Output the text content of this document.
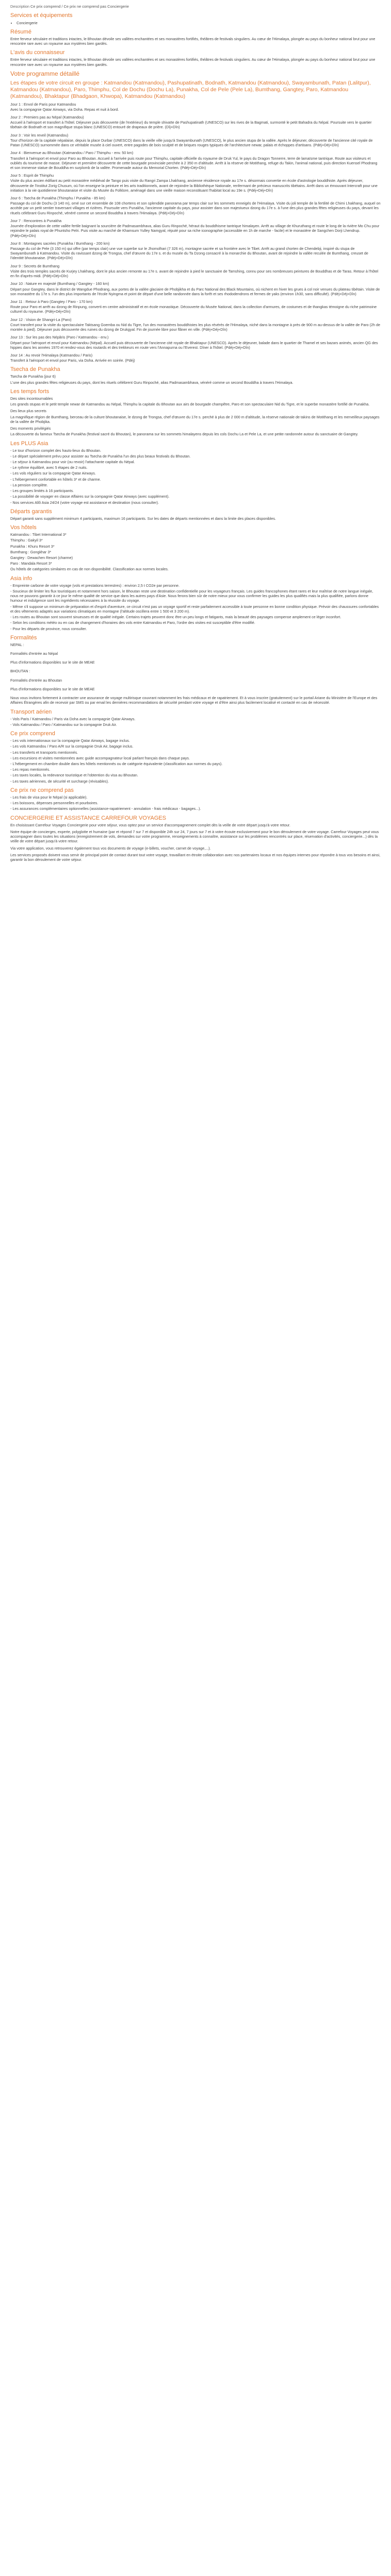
Description Ce prix comprend / Ce prix ne comprend pas Conciergerie

Services et équipements
• Conciergerie
Résumé

Entre ferveur séculaire et traditions intactes, le Bhoutan dévoile ses vallées enchantées et ses monastères fortifiés, théâtres de festivals singuliers. Au cœur de l'Himalaya, plongée au pays du bonheur national brut pour une rencontre rare avec un royaume aux mystères bien gardés.

L'avis du connaisseur

Entre ferveur séculaire et traditions intactes, le Bhoutan dévoile ses vallées enchantées et ses monastères fortifiés, théâtres de festivals singuliers. Au cœur de l'Himalaya, plongée au pays du bonheur national brut pour une rencontre rare avec un royaume aux mystères bien gardés.

Votre programme détaillé
Les étapes de votre circuit en groupe : Katmandou (Katmandou), Pashupatinath, Bodnath, Katmandou (Katmandou), Swayambunath, Patan (Lalitpur), Katmandou (Katmandou), Paro, Thimphu, Col de Dochu (Dochu La), Punakha, Col de Pele (Pele La), Bumthang, Gangtey, Paro, Katmandou (Katmandou), Bhaktapur (Bhadgaon, Khwopa), Katmandou (Katmandou)

Jour 1 : Envol de Paris pour Katmandou

Avec la compagnie Qatar Airways, via Doha. Repas et nuit à bord.

Jour 2 : Premiers pas au Népal (Katmandou)

Accueil à l'aéroport et transfert à l'hôtel. Déjeuner puis découverte (de l'extérieur) du temple shivaïte de Pashupatinath (UNESCO) sur les rives de la Bagmati, surmonté le petit Bahadra du Népal. Poursuite vers le quartier tibétain de Bodnath et son magnifique stupa blanc (UNESCO) entouré de drapeaux de prière. (Dîj+Dîn)

Jour 3 : Voir les reveil (Katmandou)

Tour d'horizon de la capitale népalaise, depuis la place Durbar (UNESCO) dans la vieille ville jusqu'à Swayambunath (UNESCO), le plus ancien stupa de la vallée. Après le déjeuner, découverte de l'ancienne cité royale de Patan (UNESCO) surnommée dans ce véritable musée à ciel ouvert, entre pagodes de bois sculpté et de briques rouges typiques de l'architecture newar, palais et échoppes d'artisans. (Pdéj+Déj+Dîn)

Jour 4 : Bienvenue au Bhoutan (Katmandou / Paro / Thimphu - env. 50 km)

Transfert à l'aéroport et envol pour Paro au Bhoutan. Accueil à l'arrivée puis route pour Thimphu, capitale officielle du royaume de Druk Yul, le pays du Dragon Tonnerre, terre de lamaïsme tantrique. Route aux visiteurs et oubliés du tourisme de masse. Déjeuner et première découverte de cette bourgade provinciale perchée à 2 350 m d'altitude. Arrêt à la réserve de Motithang, refuge du Takin, l'animal national, puis direction Kuensel Phodrang et son immense statue de Bouddha en surplomb de la vallée. Promenade autour du Memorial Chorten. (Pdéj+Déj+Dîn)

Jour 5 : Esprit de Thimphu

Visite du plus ancien édifiant au petit monastère médiéval de Tango puis visite du Rangri Zampa Lhakhang, ancienne résidence royale au 17e s. désormais convertie en école d'astrologie bouddhiste. Après déjeuner, découverte de l'Institut Zorig Chusum, où l'on enseigne la peinture et les arts traditionnels, avant de rejoindre la Bibliothèque Nationale, renfermant de précieux manuscrits tibétains. Arrêt dans un émouvant Intercraft pour une initiation à la vie quotidienne bhoutanaise et visite du Musée du Folklore, aménagé dans une vieille maison reconstituant l'habitat local au 19e s. (Pdéj+Déj+Dîn)

Jour 6 : Tsecha de Punakha (Thimphu / Punakha - 85 km)

Passage du col de Dochu (3 140 m), orné sur cet ensemble de 108 chortens et son splendide panorama par temps clair sur les sommets enneigés de l'Himalaya. Visite du joli temple de la fertilité de Chimi Lhakhang, auquel on accède par un petit sentier traversant villages et rizières. Poursuite vers Punakha, l'ancienne capitale du pays, pour assister dans son majestueux dzong du 17e s. à l'une des plus grandes fêtes religieuses du pays, devant les rituels célébrant Guru Rinpoché, vénéré comme un second Bouddha à travers l'Himalaya. (Pdéj+Déj+Dîn)

Jour 7 : Rencontres à Punakha

Journée d'exploration de cette vallée fertile baignant la sourcière de Padmasambhava, alias Guru Rinpoché, héraut du bouddhisme tantrique himalayen. Arrêt au village de Khuruthang et route le long de la rivière Mo Chu pour rejoindre le palais royal de Phuntsho Pelri. Puis visite au marché de Khamsum Yulley Namgyal, réputé pour sa riche iconographie (accessible en 1h de marche - facile) et le monastère de Sangchen Dorji Lhendrup. (Pdéj+Déj+Dîn)

Jour 8 : Montagnes sacrées (Punakha / Bumthang - 200 km)

Passage du col de Pele (3 150 m) qui offre (par temps clair) une vue superbe sur le Jhomolhari (7 326 m), montagne sacrée et sa frontière avec le Tibet. Arrêt au grand chorten de Chendebji, inspiré du stupa de Swayambunath à Katmandou. Visite du ravissant dzong de Trongsa, chef d'œuvre du 17e s. et du musée du Ta Dzong consacré à la monarchie du Bhoutan, avant de rejoindre la vallée reculée de Bumthang, creuset de l'identité bhoutanaise. (Pdéj+Déj+Dîn)

Jour 9 : Secrets de Bumthang

Visite des trois temples sacrés de Kurjey Lhakhang, dont le plus ancien remonte au 17e s. avant de rejoindre à pied le sanctuaire de Tamshing, connu pour ses nombreuses peintures de Bouddhas et de Taras. Retour à l'hôtel en fin d'après-midi. (Pdéj+Déj+Dîn)

Jour 10 : Nature en majesté (Bumthang / Gangtey - 160 km)

Départ pour Gangtey, dans le district de Wangdue Phodrang, aux portes de la vallée glaciaire de Phobjikha et du Parc National des Black Mountains, où nichent en hiver les grues à col noir venues du plateau tibétain. Visite de son monastère du 17e s. l'un des plus importants de l'école Nyingma et point de départ d'une belle randonnée dans la forêt et ses rhododendrons et fermes de yaks (environ 1h30, sans difficulté). (Pdéj+Déj+Dîn)

Jour 11 : Retour à Paro (Gangtey / Paro - 170 km)

Route pour Paro et arrêt au dzong de Rinpung, converti en centre administratif et en école monastique. Découverte du Musée National, dans la collection d'armures, de costumes et de thangkas témoigne du riche patrimoine culturel du royaume. (Pdéj+Déj+Dîn)

Jour 12 : Vision de Shangri-La (Paro)

Court transfert pour la visite du spectaculaire Taktsang Goemba ou Nid du Tigre, l'un des monastères bouddhistes les plus révérés de l'Himalaya, niché dans la montagne à près de 900 m au-dessus de la vallée de Paro (2h de montée à pied). Déjeuner puis découverte des ruines du dzong de Drukgyal. Fin de journée libre pour flâner en ville. (Pdéj+Déj+Dîn)

Jour 13 : Sur les pas des Népâris (Paro / Katmandou - env.)

Départ pour l'aéroport et envol pour Katmandou (Népal). Accueil puis découverte de l'ancienne cité royale de Bhaktapur (UNESCO). Après le déjeuner, balade dans le quartier de Thamel et ses bazars animés, ancien QG des hippies dans les années 1970 et rendez-vous des routards et des trekkeurs en route vers l'Annapurna ou l'Everest. Dîner à l'hôtel. (Pdéj+Déj+Dîn)

Jour 14 : Au revoir l'Himalaya (Katmandou / Paris)

Transfert à l'aéroport et envol pour Paris, via Doha. Arrivée en soirée. (Pdéj)

Tsecha de Punakha

Tsecha de Punakha (jour 6)

L'une des plus grandes fêtes religieuses du pays, dont les rituels célèbrent Guru Rinpoché, alias Padmasambhava, vénéré comme un second Bouddha à travers l'Himalaya.

Les temps forts

Des sites incontournables

Les grands stupas et le petit temple newar de Katmandou au Népal, Thimphu la capitale du Bhoutan aux airs de bourgade champêtre, Paro et son spectaculaire Nid du Tigre, et le superbe monastère fortifié de Punakha.

Des lieux plus secrets

La magnifique région de Bumthang, berceau de la culture bhoutanaise, le dzong de Trongsa, chef d'œuvre du 17e s. perché à plus de 2 000 m d'altitude, la réserve nationale de takins de Motithang et les merveilleux paysages de la vallée de Phobjika.

Des moments privilégiés

La découverte du fameux Tsecha de Punakha (festival sacré du Bhoutan), le panorama sur les sommets himalayens depuis les cols Dochu La et Pele La, et une petite randonnée autour du sanctuaire de Gangtey.

Les PLUS Asia

- Le tour d'horizon complet des hauts-lieux du Bhoutan.

- Le départ spécialement prévu pour assister au Tsecha de Punakha l'un des plus beaux festivals du Bhoutan.

- Le séjour à Katmandou pour voir (ou revoir) l'attachante capitale du Népal.

- Le rythme équilibré, avec 5 étapes de 2 nuits.

- Les vols réguliers sur la compagnie Qatar Airways.

- L'hébergement confortable en hôtels 3* et de charme.

- La pension complète.

- Les groupes limités à 16 participants.

- La possibilité de voyager en classe Affaires sur la compagnie Qatar Airways (avec supplément).

- Nos services Allô Asia 24/24 (votre voyage est assistance et destination (nous consulter).

Départs garantis

Départ garanti sans supplément minimum 4 participants, maximum 16 participants. Sur les dates de départs mentionnées et dans la limite des places disponibles.

Vos hôtels

Katmandou : Tibet International 3*

Thimphu : Gakyil 3*

Punakha : Khuru Resort 3*

Bumthang : Gongkhar 3*

Gangtey : Dewachen Resort (charme)

Paro : Mandala Resort 3*

Ou hôtels de catégories similaires en cas de non disponibilité. Classification aux normes locales.

Asia info

- Empreinte carbone de votre voyage (vols et prestations terrestres) : environ 2,5 t CO2e par personne.

- Soucieux de limiter les flux touristiques et notamment hors saison, le Bhoutan reste une destination confidentielle pour les voyageurs français. Les guides francophones étant rares et leur maîtrise de notre langue inégale, nous ne pouvons garantir à ce jour le même qualité de service que dans les autres pays d'Asie. Nous ferons bien sûr de notre mieux pour vous confirmer les guides les plus qualifiés mais la plus qualifiée, parlons donne humour et indulgence sont les ingrédients nécessaires à la réussite du voyage.

- Même s'il suppose un minimum de préparation et d'esprit d'aventure, ce circuit n'est pas un voyage sportif et reste parfaitement accessible à toute personne en bonne condition physique. Prévoir des chaussures confortables et des vêtements adaptés aux variations climatiques en montagne (l'altitude oscillera entre 1 500 et 3 200 m).

- Les routes au Bhoutan sont souvent sinueuses et de qualité inégale. Certains trajets peuvent donc être un peu longs et fatigants, mais la beauté des paysages compense amplement ce léger inconfort.

- Selon les conditions météo ou en cas de changement d'horaires des vols entre Katmandou et Paro, l'ordre des visites est susceptible d'être modifié.

- Pour les départs de province, nous consulter.

Formalités

NEPAL :

Formalités d'entrée au Népal

Plus d'informations disponibles sur le site de MEAE

BHOUTAN :

Formalités d'entrée au Bhoutan

Plus d'informations disponibles sur le site de MEAE

Nous vous invitons fortement à contracter une assurance de voyage multirisque couvrant notamment les frais médicaux et de rapatriement. Et à vous inscrire (gratuitement) sur le portail Ariane du Ministère de l'Europe et des Affaires Étrangères afin de recevoir par SMS ou par email les dernières recommandations de sécurité pendant votre voyage et d'être ainsi plus facilement localisé et contacté en cas de nécessité.

Transport aérien

- Vols Paris / Katmandou / Paris via Doha avec la compagnie Qatar Airways.

- Vols Katmandou / Paro / Katmandou sur la compagnie Druk Air.

Ce prix comprend

- Les vols internationaux sur la compagnie Qatar Airways, bagage inclus.

- Les vols Katmandou / Paro A/R sur la compagnie Druk Air, bagage inclus.

- Les transferts et transports mentionnés.

- Les excursions et visites mentionnées avec guide accompagnateur local parlant français dans chaque pays.

- L'hébergement en chambre double dans les hôtels mentionnés ou de catégorie équivalente (classification aux normes du pays).

- Les repas mentionnés.

- Les taxes locales, la redevance touristique et l'obtention du visa au Bhoutan.

- Les taxes aériennes, de sécurité et surcharge (révisables).

Ce prix ne comprend pas

- Les frais de visa pour le Népal (si applicable).

- Les boissons, dépenses personnelles et pourboires.

- Les assurances complémentaires optionnelles (assistance-rapatriement - annulation - frais médicaux - bagages...).

CONCIERGERIE ET ASSISTANCE CARREFOUR VOYAGES

En choisissant Carrefour Voyages Conciergerie pour votre séjour, vous optez pour un service d'accompagnement complet dès la veille de votre départ jusqu'à votre retour.

Notre équipe de concierges, experte, polyglotte et humaine (par et répond 7 sur 7 et disponible 24h sur 24, 7 jours sur 7 et à votre écoute exclusivement pour le bon déroulement de votre voyage. Carrefour Voyages peut vous accompagner dans toutes les situations (enregistrement de vols, demandes sur votre programme, renseignements à connaître, assistance sur les problèmes rencontrés sur place, réservation d'activités, conciergerie...) dès la veille de votre départ jusqu'à votre retour.

Via votre application, vous retrouverez également tous vos documents de voyage (e-billets, voucher, carnet de voyage,...).

Les services proposés doivent vous servir de principal point de contact durant tout votre voyage, travaillant en étroite collaboration avec nos partenaires locaux et nos équipes internes pour répondre à tous vos besoins et ainsi, garantir la bon déroulement de votre séjour.
